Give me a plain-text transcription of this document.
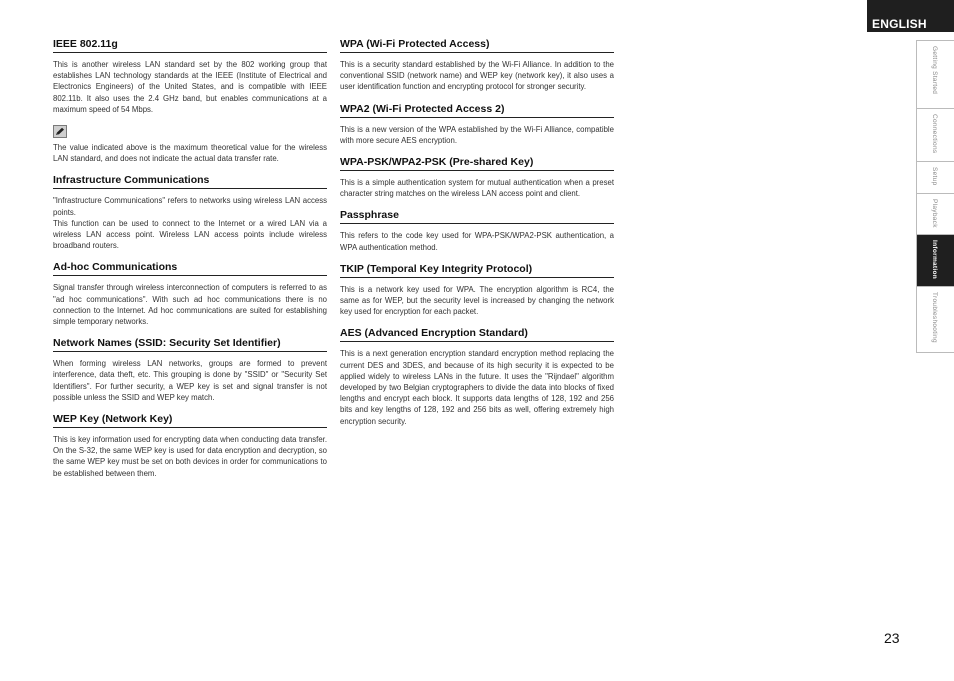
ENGLISH
Getting Started
Connections
Setup
Playback
Information
Troubleshooting
IEEE 802.11g

This is another wireless LAN standard set by the 802 working group that establishes LAN technology standards at the IEEE (Institute of Electrical and Electronics Engineers) of the United States, and is compatible with IEEE 802.11b. It also uses the 2.4 GHz band, but enables communications at a maximum speed of 54 Mbps.

The value indicated above is the maximum theoretical value for the wireless LAN standard, and does not indicate the actual data transfer rate.

Infrastructure Communications

"Infrastructure Communications" refers to networks using wireless LAN access points.

This function can be used to connect to the Internet or a wired LAN via a wireless LAN access point. Wireless LAN access points include wireless broadband routers.

Ad-hoc Communications

Signal transfer through wireless interconnection of computers is referred to as "ad hoc communications". With such ad hoc communications there is no connection to the Internet. Ad hoc communications are suited for establishing simple temporary networks.

Network Names (SSID: Security Set Identifier)

When forming wireless LAN networks, groups are formed to prevent interference, data theft, etc. This grouping is done by "SSID" or "Security Set Identifiers". For further security, a WEP key is set and signal transfer is not possible unless the SSID and WEP key match.

WEP Key (Network Key)

This is key information used for encrypting data when conducting data transfer. On the S-32, the same WEP key is used for data encryption and decryption, so the same WEP key must be set on both devices in order for communications to be established between them.

WPA (Wi-Fi Protected Access)

This is a security standard established by the Wi-Fi Alliance. In addition to the conventional SSID (network name) and WEP key (network key), it also uses a user identification function and encrypting protocol for stronger security.

WPA2 (Wi-Fi Protected Access 2)

This is a new version of the WPA established by the Wi-Fi Alliance, compatible with more secure AES encryption.

WPA-PSK/WPA2-PSK (Pre-shared Key)

This is a simple authentication system for mutual authentication when a preset character string matches on the wireless LAN access point and client.

Passphrase

This refers to the code key used for WPA-PSK/WPA2-PSK authentication, a WPA authentication method.

TKIP (Temporal Key Integrity Protocol)

This is a network key used for WPA. The encryption algorithm is RC4, the same as for WEP, but the security level is increased by changing the network key used for encryption for each packet.

AES (Advanced Encryption Standard)

This is a next generation encryption standard encryption method replacing the current DES and 3DES, and because of its high security it is expected to be applied widely to wireless LANs in the future. It uses the "Rijndael" algorithm developed by two Belgian cryptographers to divide the data into blocks of fixed lengths and encrypt each block. It supports data lengths of 128, 192 and 256 bits and key lengths of 128, 192 and 256 bits as well, offering extremely high encryption security.

23
